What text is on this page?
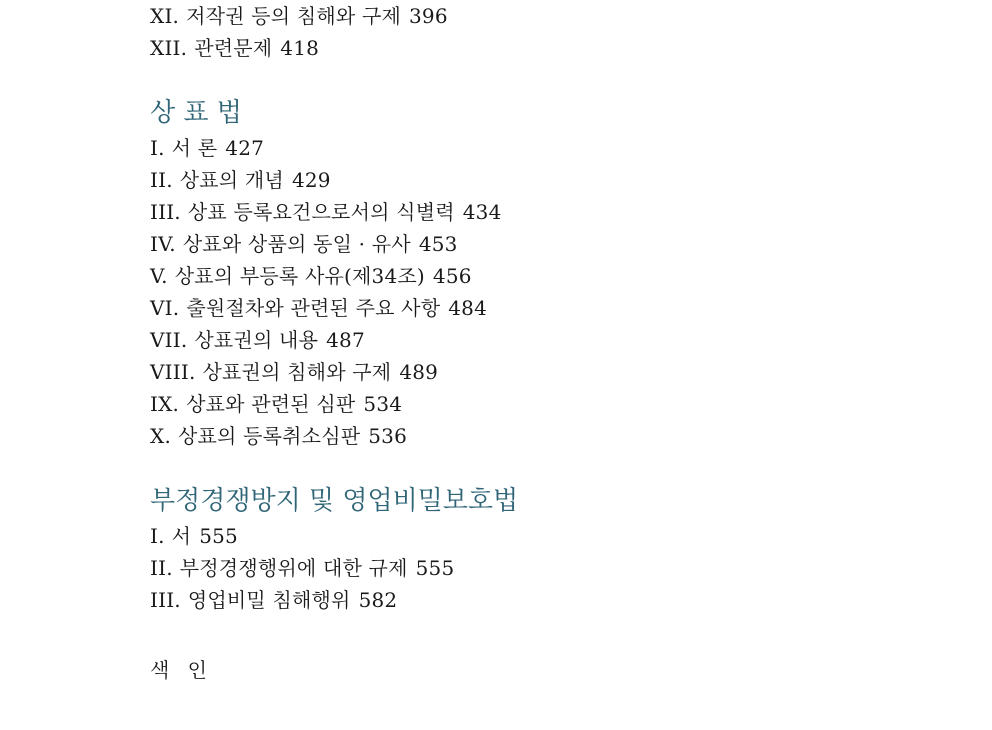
XI. 저작권 등의 침해와 구제 396
XII. 관련문제 418
상 표 법
I. 서 론 427
II. 상표의 개념 429
III. 상표 등록요건으로서의 식별력 434
IV. 상표와 상품의 동일 · 유사 453
V. 상표의 부등록 사유(제34조) 456
VI. 출원절차와 관련된 주요 사항 484
VII. 상표권의 내용 487
VIII. 상표권의 침해와 구제 489
IX. 상표와 관련된 심판 534
X. 상표의 등록취소심판 536
부정경쟁방지 및 영업비밀보호법
I. 서 555
II. 부정경쟁행위에 대한 규제 555
III. 영업비밀 침해행위 582
색 인
